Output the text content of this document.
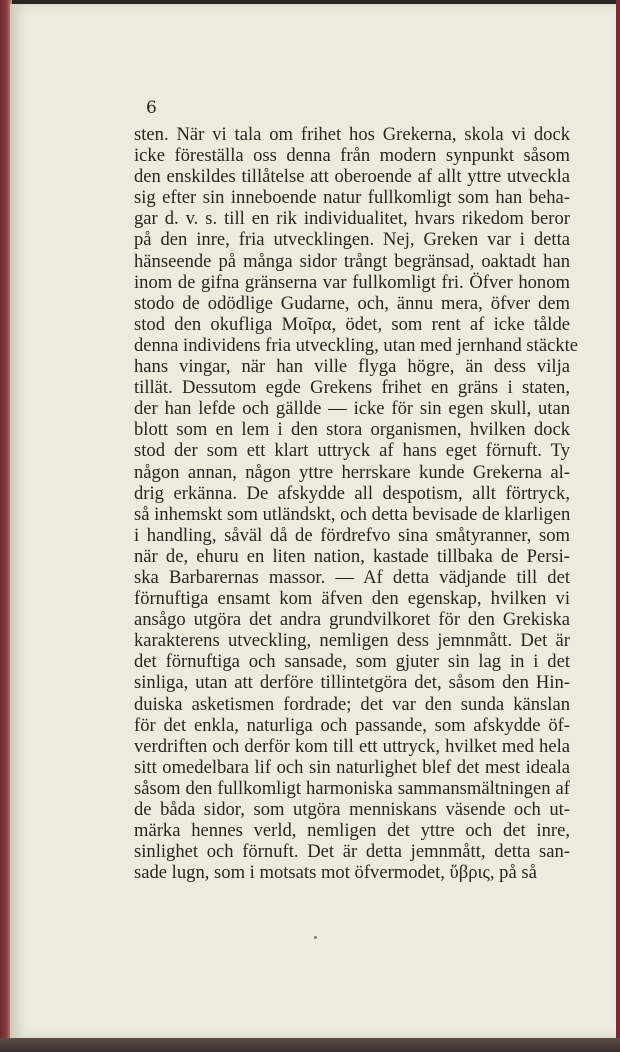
6
sten. När vi tala om frihet hos Grekerna, skola vi dock
icke föreställa oss denna från modern synpunkt såsom
den enskildes tillåtelse att oberoende af allt yttre utveckla
sig efter sin inneboende natur fullkomligt som han beha-
gar d. v. s. till en rik individualitet, hvars rikedom beror
på den inre, fria utvecklingen. Nej, Greken var i detta
hänseende på många sidor trångt begränsad, oaktadt han
inom de gifna gränserna var fullkomligt fri. Öfver honom
stodo de odödlige Gudarne, och, ännu mera, öfver dem
stod den okufliga Μοῖρα, ödet, som rent af icke tålde
denna individens fria utveckling, utan med jernhand stäckte
hans vingar, när han ville flyga högre, än dess vilja
tillät. Dessutom egde Grekens frihet en gräns i staten,
der han lefde och gällde — icke för sin egen skull, utan
blott som en lem i den stora organismen, hvilken dock
stod der som ett klart uttryck af hans eget förnuft. Ty
någon annan, någon yttre herrskare kunde Grekerna al-
drig erkänna. De afskydde all despotism, allt förtryck,
så inhemskt som utländskt, och detta bevisade de klarligen
i handling, såväl då de fördrefvo sina småtyranner, som
när de, ehuru en liten nation, kastade tillbaka de Persi-
ska Barbarernas massor. — Af detta vädjande till det
förnuftiga ensamt kom äfven den egenskap, hvilken vi
ansågo utgöra det andra grundvilkoret för den Grekiska
karakterens utveckling, nemligen dess jemnmått. Det är
det förnuftiga och sansade, som gjuter sin lag in i det
sinliga, utan att derföre tillintetgöra det, såsom den Hin-
duiska asketismen fordrade; det var den sunda känslan
för det enkla, naturliga och passande, som afskydde öf-
verdriften och derför kom till ett uttryck, hvilket med hela
sitt omedelbara lif och sin naturlighet blef det mest ideala
såsom den fullkomligt harmoniska sammansmältningen af
de båda sidor, som utgöra menniskans väsende och ut-
märka hennes verld, nemligen det yttre och det inre,
sinlighet och förnuft. Det är detta jemnmått, detta san-
sade lugn, som i motsats mot öfvermodet, ὕβρις, på så
